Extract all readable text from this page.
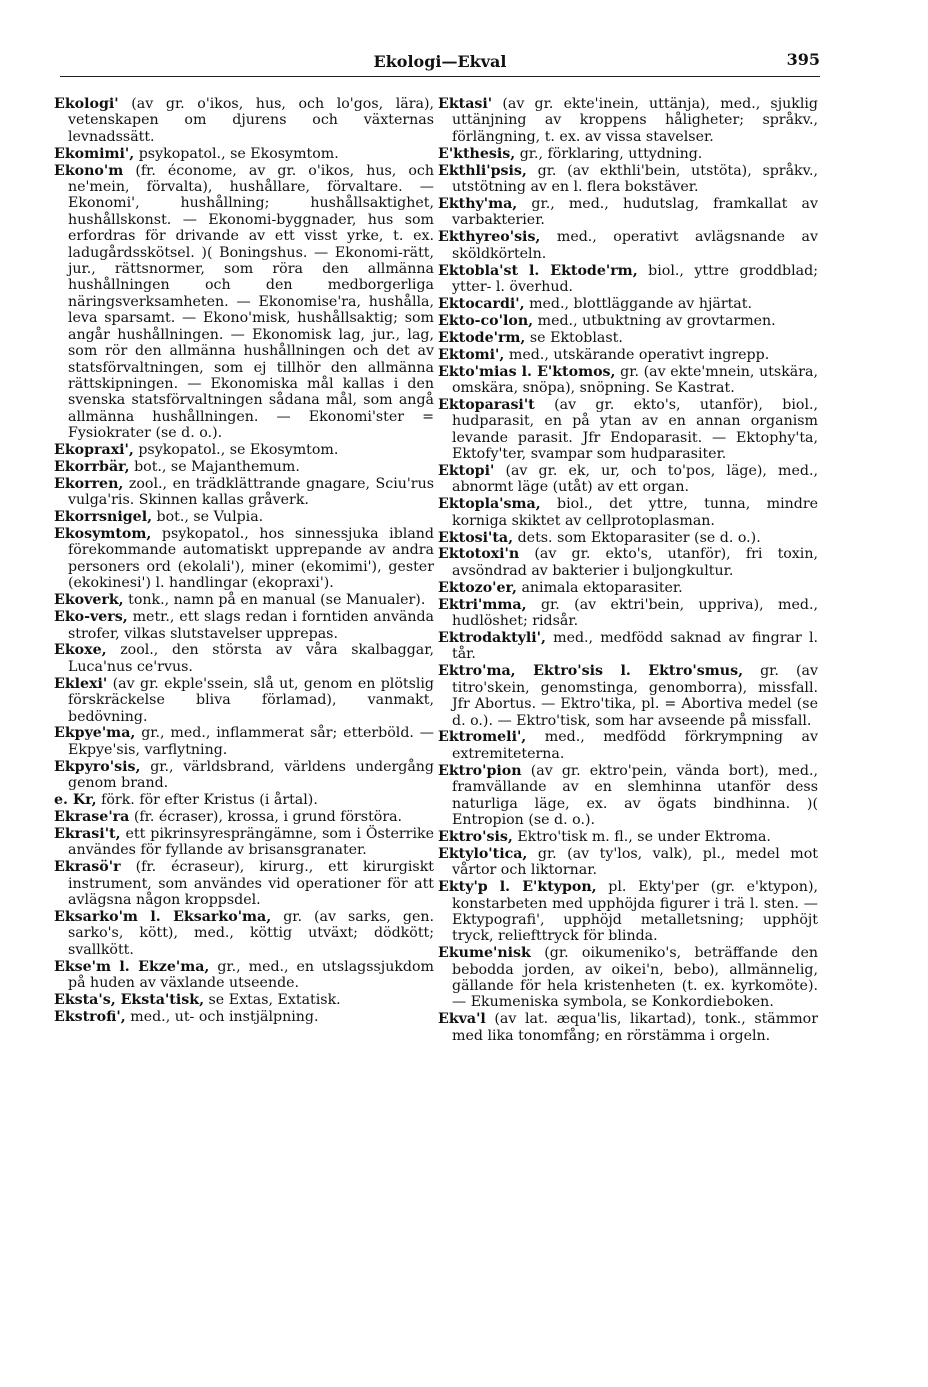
Ekologi—Ekval	395

Ekologi' (av gr. o'ikos, hus, och lo'gos, lära), vetenskapen om djurens och växternas levnadssätt.

Ekomimi', psykopatol., se Ekosymtom.

Ekono'm (fr. économe, av gr. o'ikos, hus, och ne'mein, förvalta), hushållare, förvaltare. — Ekonomi', hushållning; hushållsaktighet, hushållskonst. — Ekonomi-byggnader, hus som erfordras för drivande av ett visst yrke, t. ex. ladugårdsskötsel. )( Boningshus. — Ekonomi-rätt, jur., rättsnormer, som röra den allmänna hushållningen och den medborgerliga näringsverksamheten. — Ekonomise'ra, hushålla, leva sparsamt. — Ekono'misk, hushållsaktig; som angår hushållningen. — Ekonomisk lag, jur., lag, som rör den allmänna hushållningen och det av statsförvaltningen, som ej tillhör den allmänna rättskipningen. — Ekonomiska mål kallas i den svenska statsförvaltningen sådana mål, som angå allmänna hushållningen. — Ekonomi'ster = Fysiokrater (se d. o.).

Ekopraxi', psykopatol., se Ekosymtom.

Ekorrbär, bot., se Majanthemum.

Ekorren, zool., en trädklättrande gnagare, Sciu'rus vulga'ris. Skinnen kallas gråverk.

Ekorrsnigel, bot., se Vulpia.

Ekosymtom, psykopatol., hos sinnessjuka ibland förekommande automatiskt upprepande av andra personers ord (ekolali'), miner (ekomimi'), gester (ekokinesi') l. handlingar (ekopraxi').

Ekoverk, tonk., namn på en manual (se Manualer).

Eko-vers, metr., ett slags redan i forntiden använda strofer, vilkas slutstavelser upprepas.

Ekoxe, zool., den största av våra skalbaggar, Luca'nus ce'rvus.

Eklexi' (av gr. ekple'ssein, slå ut, genom en plötslig förskräckelse bliva förlamad), vanmakt, bedövning.

Ekpye'ma, gr., med., inflammerat sår; etterböld. — Ekpye'sis, varflytning.

Ekpyro'sis, gr., världsbrand, världens undergång genom brand.

e. Kr, förk. för efter Kristus (i årtal).

Ekrase'ra (fr. écraser), krossa, i grund förstöra.

Ekrasi't, ett pikrinsyresprängämne, som i Österrike användes för fyllande av brisansgranater.

Ekrasö'r (fr. écraseur), kirurg., ett kirurgiskt instrument, som användes vid operationer för att avlägsna någon kroppsdel.

Eksarko'm l. Eksarko'ma, gr. (av sarks, gen. sarko's, kött), med., köttig utväxt; dödkött; svallkött.

Ekse'm l. Ekze'ma, gr., med., en utslagssjukdom på huden av växlande utseende.

Eksta's, Eksta'tisk, se Extas, Extatisk.

Ekstrofi', med., ut- och instjälpning.

Ektasi' (av gr. ekte'inein, uttänja), med., sjuklig uttänjning av kroppens håligheter; språkv., förlängning, t. ex. av vissa stavelser.

E'kthesis, gr., förklaring, uttydning.

Ekthli'psis, gr. (av ekthli'bein, utstöta), språkv., utstötning av en l. flera bokstäver.

Ekthy'ma, gr., med., hudutslag, framkallat av varbakterier.

Ekthyreo'sis, med., operativt avlägsnande av sköldkörteln.

Ektobla'st l. Ektode'rm, biol., yttre groddblad; ytter- l. överhud.

Ektocardi', med., blottläggande av hjärtat.

Ekto-co'lon, med., utbuktning av grovtarmen.

Ektode'rm, se Ektoblast.

Ektomi', med., utskärande operativt ingrepp.

Ekto'mias l. E'ktomos, gr. (av ekte'mnein, utskära, omskära, snöpa), snöpning. Se Kastrat.

Ektoparasi't (av gr. ekto's, utanför), biol., hudparasit, en på ytan av en annan organism levande parasit. Jfr Endoparasit. — Ektophy'ta, Ektofy'ter, svampar som hudparasiter.

Ektopi' (av gr. ek, ur, och to'pos, läge), med., abnormt läge (utåt) av ett organ.

Ektopla'sma, biol., det yttre, tunna, mindre korniga skiktet av cellprotoplasman.

Ektosi'ta, dets. som Ektoparasiter (se d. o.).

Ektotoxi'n (av gr. ekto's, utanför), fri toxin, avsöndrad av bakterier i buljongkultur.

Ektozo'er, animala ektoparasiter.

Ektri'mma, gr. (av ektri'bein, uppriva), med., hudlöshet; ridsår.

Ektrodaktyli', med., medfödd saknad av fingrar l. tår.

Ektro'ma, Ektro'sis l. Ektro'smus, gr. (av titro'skein, genomstinga, genomborra), missfall. Jfr Abortus. — Ektro'tika, pl. = Abortiva medel (se d. o.). — Ektro'tisk, som har avseende på missfall.

Ektromeli', med., medfödd förkrympning av extremiteterna.

Ektro'pion (av gr. ektro'pein, vända bort), med., framvällande av en slemhinna utanför dess naturliga läge, ex. av ögats bindhinna. )( Entropion (se d. o.).

Ektro'sis, Ektro'tisk m. fl., se under Ektroma.

Ektylo'tica, gr. (av ty'los, valk), pl., medel mot vårtor och liktornar.

Ekty'p l. E'ktypon, pl. Ekty'per (gr. e'ktypon), konstarbeten med upphöjda figurer i trä l. sten. — Ektypografi', upphöjd metalletsning; upphöjt tryck, reliefttryck för blinda.

Ekume'nisk (gr. oikumeniko's, beträffande den bebodda jorden, av oikei'n, bebo), allmännelig, gällande för hela kristenheten (t. ex. kyrkomöte). — Ekumeniska symbola, se Konkordieboken.

Ekva'l (av lat. æqua'lis, likartad), tonk., stämmor med lika tonomfång; en rörstämma i orgeln.
